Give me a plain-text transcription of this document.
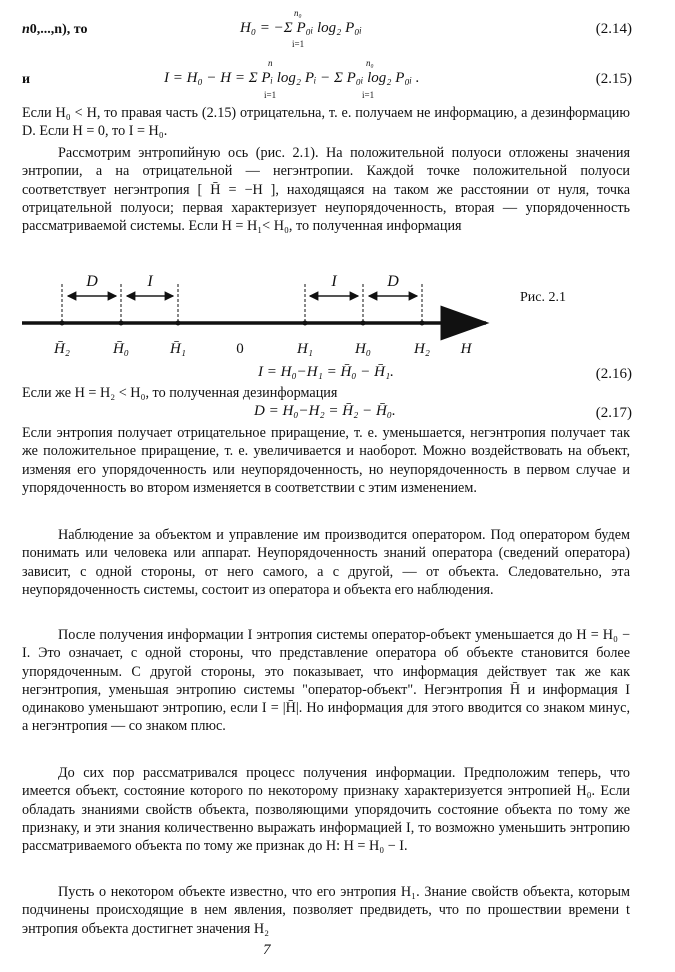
n0,...,n), то
n₀
H₀ = −Σ P₀ᵢ log₂ P₀ᵢ
i=1
(2.14)
и
n	n₀
I = H₀ − H = Σ Pᵢ log₂ Pᵢ − Σ P₀ᵢ log₂ P₀ᵢ .
i=1	i=1
(2.15)
Если H₀ < H, то правая часть (2.15) отрицательна, т. е. получаем не информацию, а дезинформацию D. Если H = 0, то I = H₀.
Рассмотрим энтропийную ось (рис. 2.1). На положительной полуоси отложены значения энтропии, а на отрицательной — негэнтропии. Каждой точке положительной полуоси соответствует негэнтропия [ H̄ = −H ], находящаяся на таком же расстоянии от нуля, точка отрицательной полуоси; первая характеризует неупорядоченность, вторая — упорядоченность рассматриваемой системы. Если H = H₁< H₀, то полученная информация
D	I	I	D
H̄₂	H̄₀	H̄₁	0	H₁	H₀	H₂ H
Рис. 2.1
I = H₀−H₁ = H̄₀ − H̄₁.	(2.16)
Если же H = H₂ < H₀, то полученная дезинформация
D = H₀−H₂ = H̄₂ − H̄₀.	(2.17)
Если энтропия получает отрицательное приращение, т. е. уменьшается, негэнтропия получает так же положительное приращение, т. е. увеличивается и наоборот. Можно воздействовать на объект, изменяя его упорядоченность или неупорядоченность, но неупорядоченность в первом случае и упорядоченность во втором изменяется в соответствии с этим изменением.
Наблюдение за объектом и управление им производится оператором. Под оператором будем понимать или человека или аппарат. Неупорядоченность знаний оператора (сведений оператора) зависит, с одной стороны, от него самого, а с другой, — от объекта. Следовательно, эта неупорядоченность системы, состоит из оператора и объекта его наблюдения.
После получения информации I энтропия системы оператор-объект уменьшается до H = H₀ − I. Это означает, с одной стороны, что представление оператора об объекте становится более упорядоченным. С другой стороны, это показывает, что информация действует так же как негэнтропия, уменьшая энтропию системы "оператор-объект". Негэнтропия H̄ и информация I одинаково уменьшают энтропию, если I = |H̄|. Но информация для этого вводится со знаком минус, а негэнтропия — со знаком плюс.
До сих пор рассматривался процесс получения информации. Предположим теперь, что имеется объект, состояние которого по некоторому признаку характеризуется энтропией H₀. Если обладать знаниями свойств объекта, позволяющими упорядочить состояние объекта по тому же признаку, и эти знания количественно выражать информацией I, то возможно уменьшить энтропию рассматриваемого объекта по тому же признак до H: H = H₀ − I.
Пусть о некотором объекте известно, что его энтропия H₁. Знание свойств объекта, которым подчинены происходящие в нем явления, позволяет предвидеть, что по прошествии времени t энтропия объекта достигнет значения H₂
7
